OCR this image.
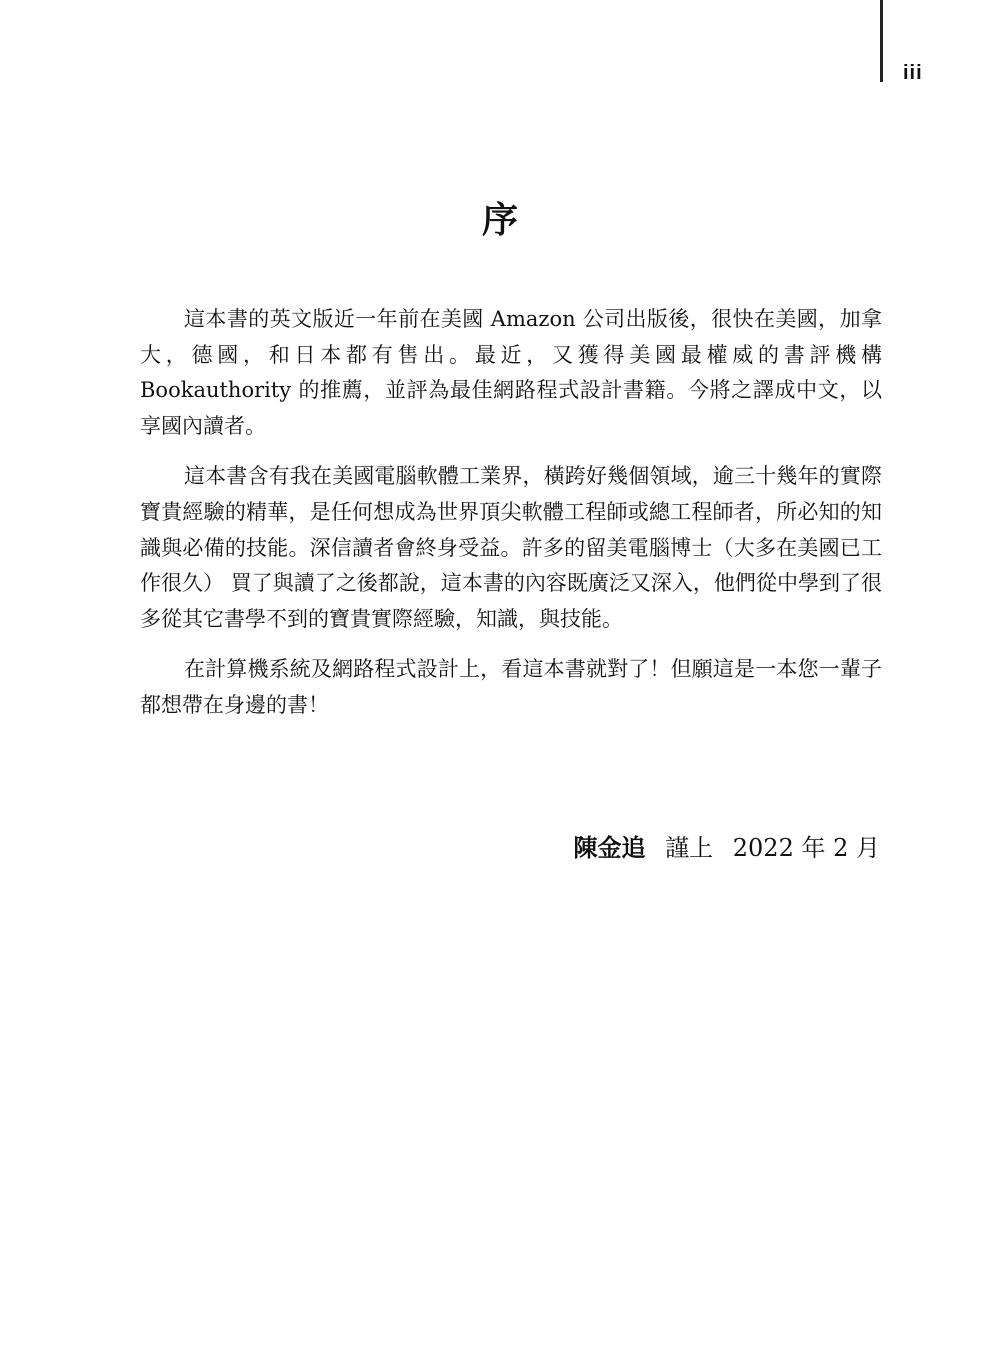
iii
序

這本書的英文版近一年前在美國 Amazon 公司出版後，很快在美國，加拿大，德國，和日本都有售出。最近，又獲得美國最權威的書評機構 Bookauthority 的推薦，並評為最佳網路程式設計書籍。今將之譯成中文，以享國內讀者。

這本書含有我在美國電腦軟體工業界，橫跨好幾個領域，逾三十幾年的實際寶貴經驗的精華，是任何想成為世界頂尖軟體工程師或總工程師者，所必知的知識與必備的技能。深信讀者會終身受益。許多的留美電腦博士（大多在美國已工作很久） 買了與讀了之後都說，這本書的內容既廣泛又深入，他們從中學到了很多從其它書學不到的寶貴實際經驗，知識，與技能。

在計算機系統及網路程式設計上，看這本書就對了！但願這是一本您一輩子都想帶在身邊的書！

陳金追 謹上 2022 年 2 月
